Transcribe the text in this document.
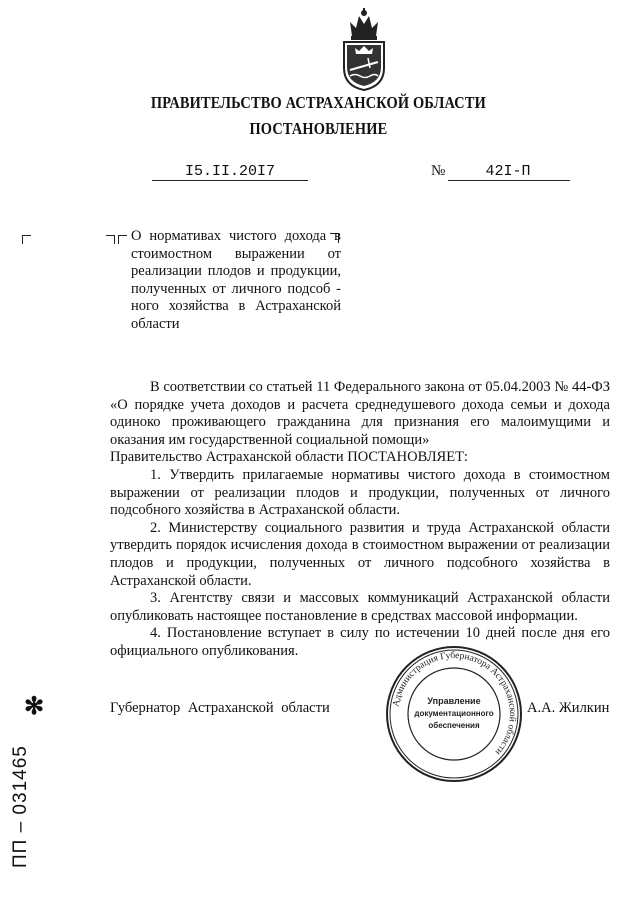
ПРАВИТЕЛЬСТВО АСТРАХАНСКОЙ ОБЛАСТИ
ПОСТАНОВЛЕНИЕ
I5.II.20I7	№	42I-П

О нормативах чистого дохода в

стоимостном выражении от

реализации плодов и продукции,

полученных от личного подсоб -

ного хозяйства в Астраханской

области

В соответствии со статьей 11 Федерального закона от 05.04.2003 № 44-ФЗ «О порядке учета доходов и расчета среднедушевого дохода семьи и дохода одиноко проживающего гражданина для признания его малоимущими и оказания им государственной социальной помощи»

Правительство Астраханской области ПОСТАНОВЛЯЕТ:

1. Утвердить прилагаемые нормативы чистого дохода в стоимостном выражении от реализации плодов и продукции, полученных от личного подсобного хозяйства в Астраханской области.

2. Министерству социального развития и труда Астраханской области утвердить порядок исчисления дохода в стоимостном выражении от реализации плодов и продукции, полученных от личного подсобного хозяйства в Астраханской области.

3. Агентству связи и массовых коммуникаций Астраханской области опубликовать настоящее постановление в средствах массовой информации.

4. Постановление вступает в силу по истечении 10 дней после дня его официального опубликования.

Губернатор Астраханской области	А.А. Жилкин
Администрация Губернатора Астраханской области
Управление
документационного
обеспечения
✻
ПП – 031465
